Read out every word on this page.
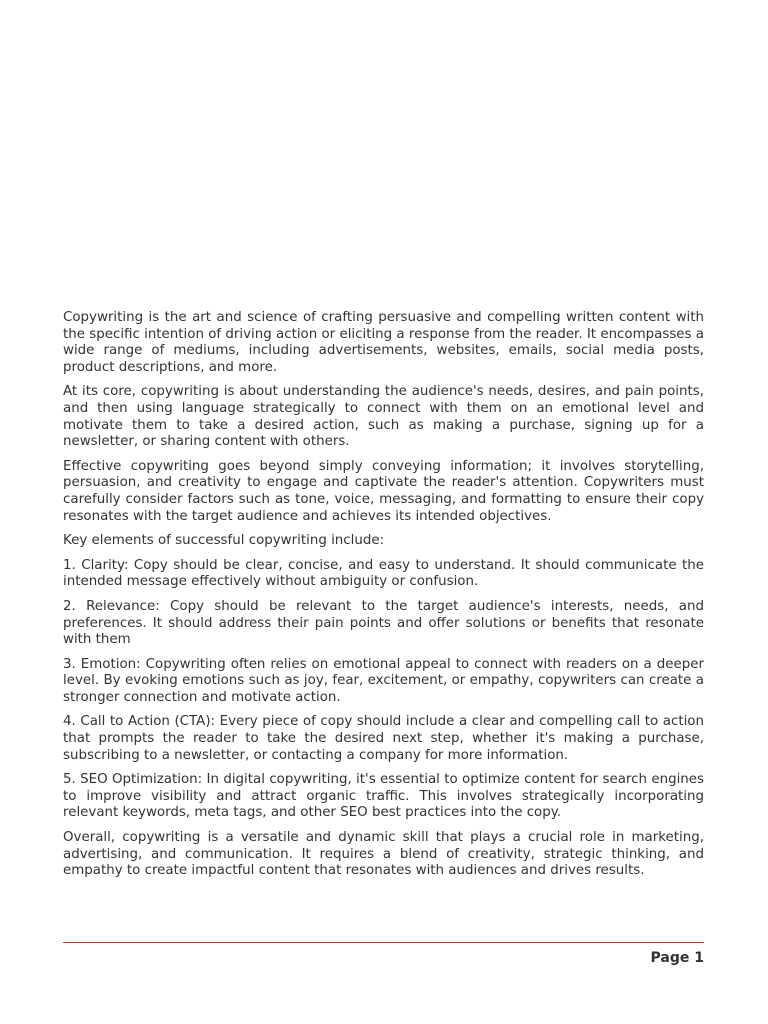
Copywriting is the art and science of crafting persuasive and compelling written content with the specific intention of driving action or eliciting a response from the reader. It encompasses a wide range of mediums, including advertisements, websites, emails, social media posts, product descriptions, and more.

At its core, copywriting is about understanding the audience's needs, desires, and pain points, and then using language strategically to connect with them on an emotional level and motivate them to take a desired action, such as making a purchase, signing up for a newsletter, or sharing content with others.

Effective copywriting goes beyond simply conveying information; it involves storytelling, persuasion, and creativity to engage and captivate the reader's attention. Copywriters must carefully consider factors such as tone, voice, messaging, and formatting to ensure their copy resonates with the target audience and achieves its intended objectives.

Key elements of successful copywriting include:

1. Clarity: Copy should be clear, concise, and easy to understand. It should communicate the intended message effectively without ambiguity or confusion.

2. Relevance: Copy should be relevant to the target audience's interests, needs, and preferences. It should address their pain points and offer solutions or benefits that resonate with them

3. Emotion: Copywriting often relies on emotional appeal to connect with readers on a deeper level. By evoking emotions such as joy, fear, excitement, or empathy, copywriters can create a stronger connection and motivate action.

4. Call to Action (CTA): Every piece of copy should include a clear and compelling call to action that prompts the reader to take the desired next step, whether it's making a purchase, subscribing to a newsletter, or contacting a company for more information.

5. SEO Optimization: In digital copywriting, it's essential to optimize content for search engines to improve visibility and attract organic traffic. This involves strategically incorporating relevant keywords, meta tags, and other SEO best practices into the copy.

Overall, copywriting is a versatile and dynamic skill that plays a crucial role in marketing, advertising, and communication. It requires a blend of creativity, strategic thinking, and empathy to create impactful content that resonates with audiences and drives results.

Page 1
